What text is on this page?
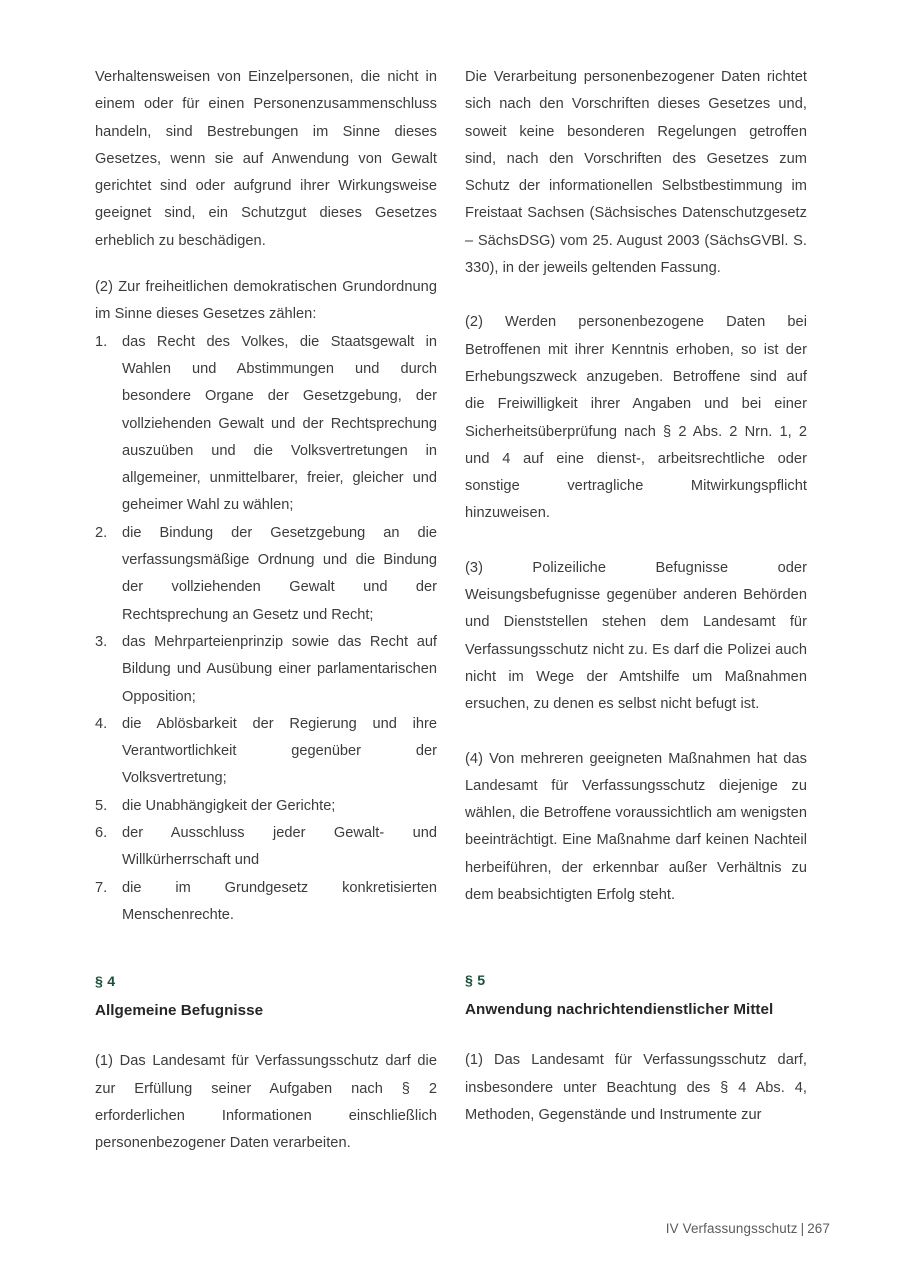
Verhaltensweisen von Einzelpersonen, die nicht in einem oder für einen Personenzusammenschluss handeln, sind Bestrebungen im Sinne dieses Gesetzes, wenn sie auf Anwendung von Gewalt gerichtet sind oder aufgrund ihrer Wirkungsweise geeignet sind, ein Schutzgut dieses Gesetzes erheblich zu beschädigen.

(2) Zur freiheitlichen demokratischen Grundordnung im Sinne dieses Gesetzes zählen:

1.	das Recht des Volkes, die Staatsgewalt in Wahlen und Abstimmungen und durch besondere Organe der Gesetzgebung, der vollziehenden Gewalt und der Rechtsprechung auszuüben und die Volksvertretungen in allgemeiner, unmittelbarer, freier, gleicher und geheimer Wahl zu wählen;
2.	die Bindung der Gesetzgebung an die verfassungsmäßige Ordnung und die Bindung der vollziehenden Gewalt und der Rechtsprechung an Gesetz und Recht;
3.	das Mehrparteienprinzip sowie das Recht auf Bildung und Ausübung einer parlamentarischen Opposition;
4.	die Ablösbarkeit der Regierung und ihre Verantwortlichkeit gegenüber der Volksvertretung;
5.	die Unabhängigkeit der Gerichte;
6.	der Ausschluss jeder Gewalt- und Willkürherrschaft und
7.	die im Grundgesetz konkretisierten Menschenrechte.
§ 4
Allgemeine Befugnisse

(1) Das Landesamt für Verfassungsschutz darf die zur Erfüllung seiner Aufgaben nach § 2 erforderlichen Informationen einschließlich personenbezogener Daten verarbeiten.

Die Verarbeitung personenbezogener Daten richtet sich nach den Vorschriften dieses Gesetzes und, soweit keine besonderen Regelungen getroffen sind, nach den Vorschriften des Gesetzes zum Schutz der informationellen Selbstbestimmung im Freistaat Sachsen (Sächsisches Datenschutzgesetz – SächsDSG) vom 25. August 2003 (SächsGVBl. S. 330), in der jeweils geltenden Fassung.

(2) Werden personenbezogene Daten bei Betroffenen mit ihrer Kenntnis erhoben, so ist der Erhebungszweck anzugeben. Betroffene sind auf die Freiwilligkeit ihrer Angaben und bei einer Sicherheitsüberprüfung nach § 2 Abs. 2 Nrn. 1, 2 und 4 auf eine dienst-, arbeitsrechtliche oder sonstige vertragliche Mitwirkungspflicht hinzuweisen.

(3) Polizeiliche Befugnisse oder Weisungsbefugnisse gegenüber anderen Behörden und Dienststellen stehen dem Landesamt für Verfassungsschutz nicht zu. Es darf die Polizei auch nicht im Wege der Amtshilfe um Maßnahmen ersuchen, zu denen es selbst nicht befugt ist.

(4) Von mehreren geeigneten Maßnahmen hat das Landesamt für Verfassungsschutz diejenige zu wählen, die Betroffene voraussichtlich am wenigsten beeinträchtigt. Eine Maßnahme darf keinen Nachteil herbeiführen, der erkennbar außer Verhältnis zu dem beabsichtigten Erfolg steht.

§ 5
Anwendung nachrichtendienstlicher Mittel

(1) Das Landesamt für Verfassungsschutz darf, insbesondere unter Beachtung des § 4 Abs. 4, Methoden, Gegenstände und Instrumente zur

IV Verfassungsschutz | 267
